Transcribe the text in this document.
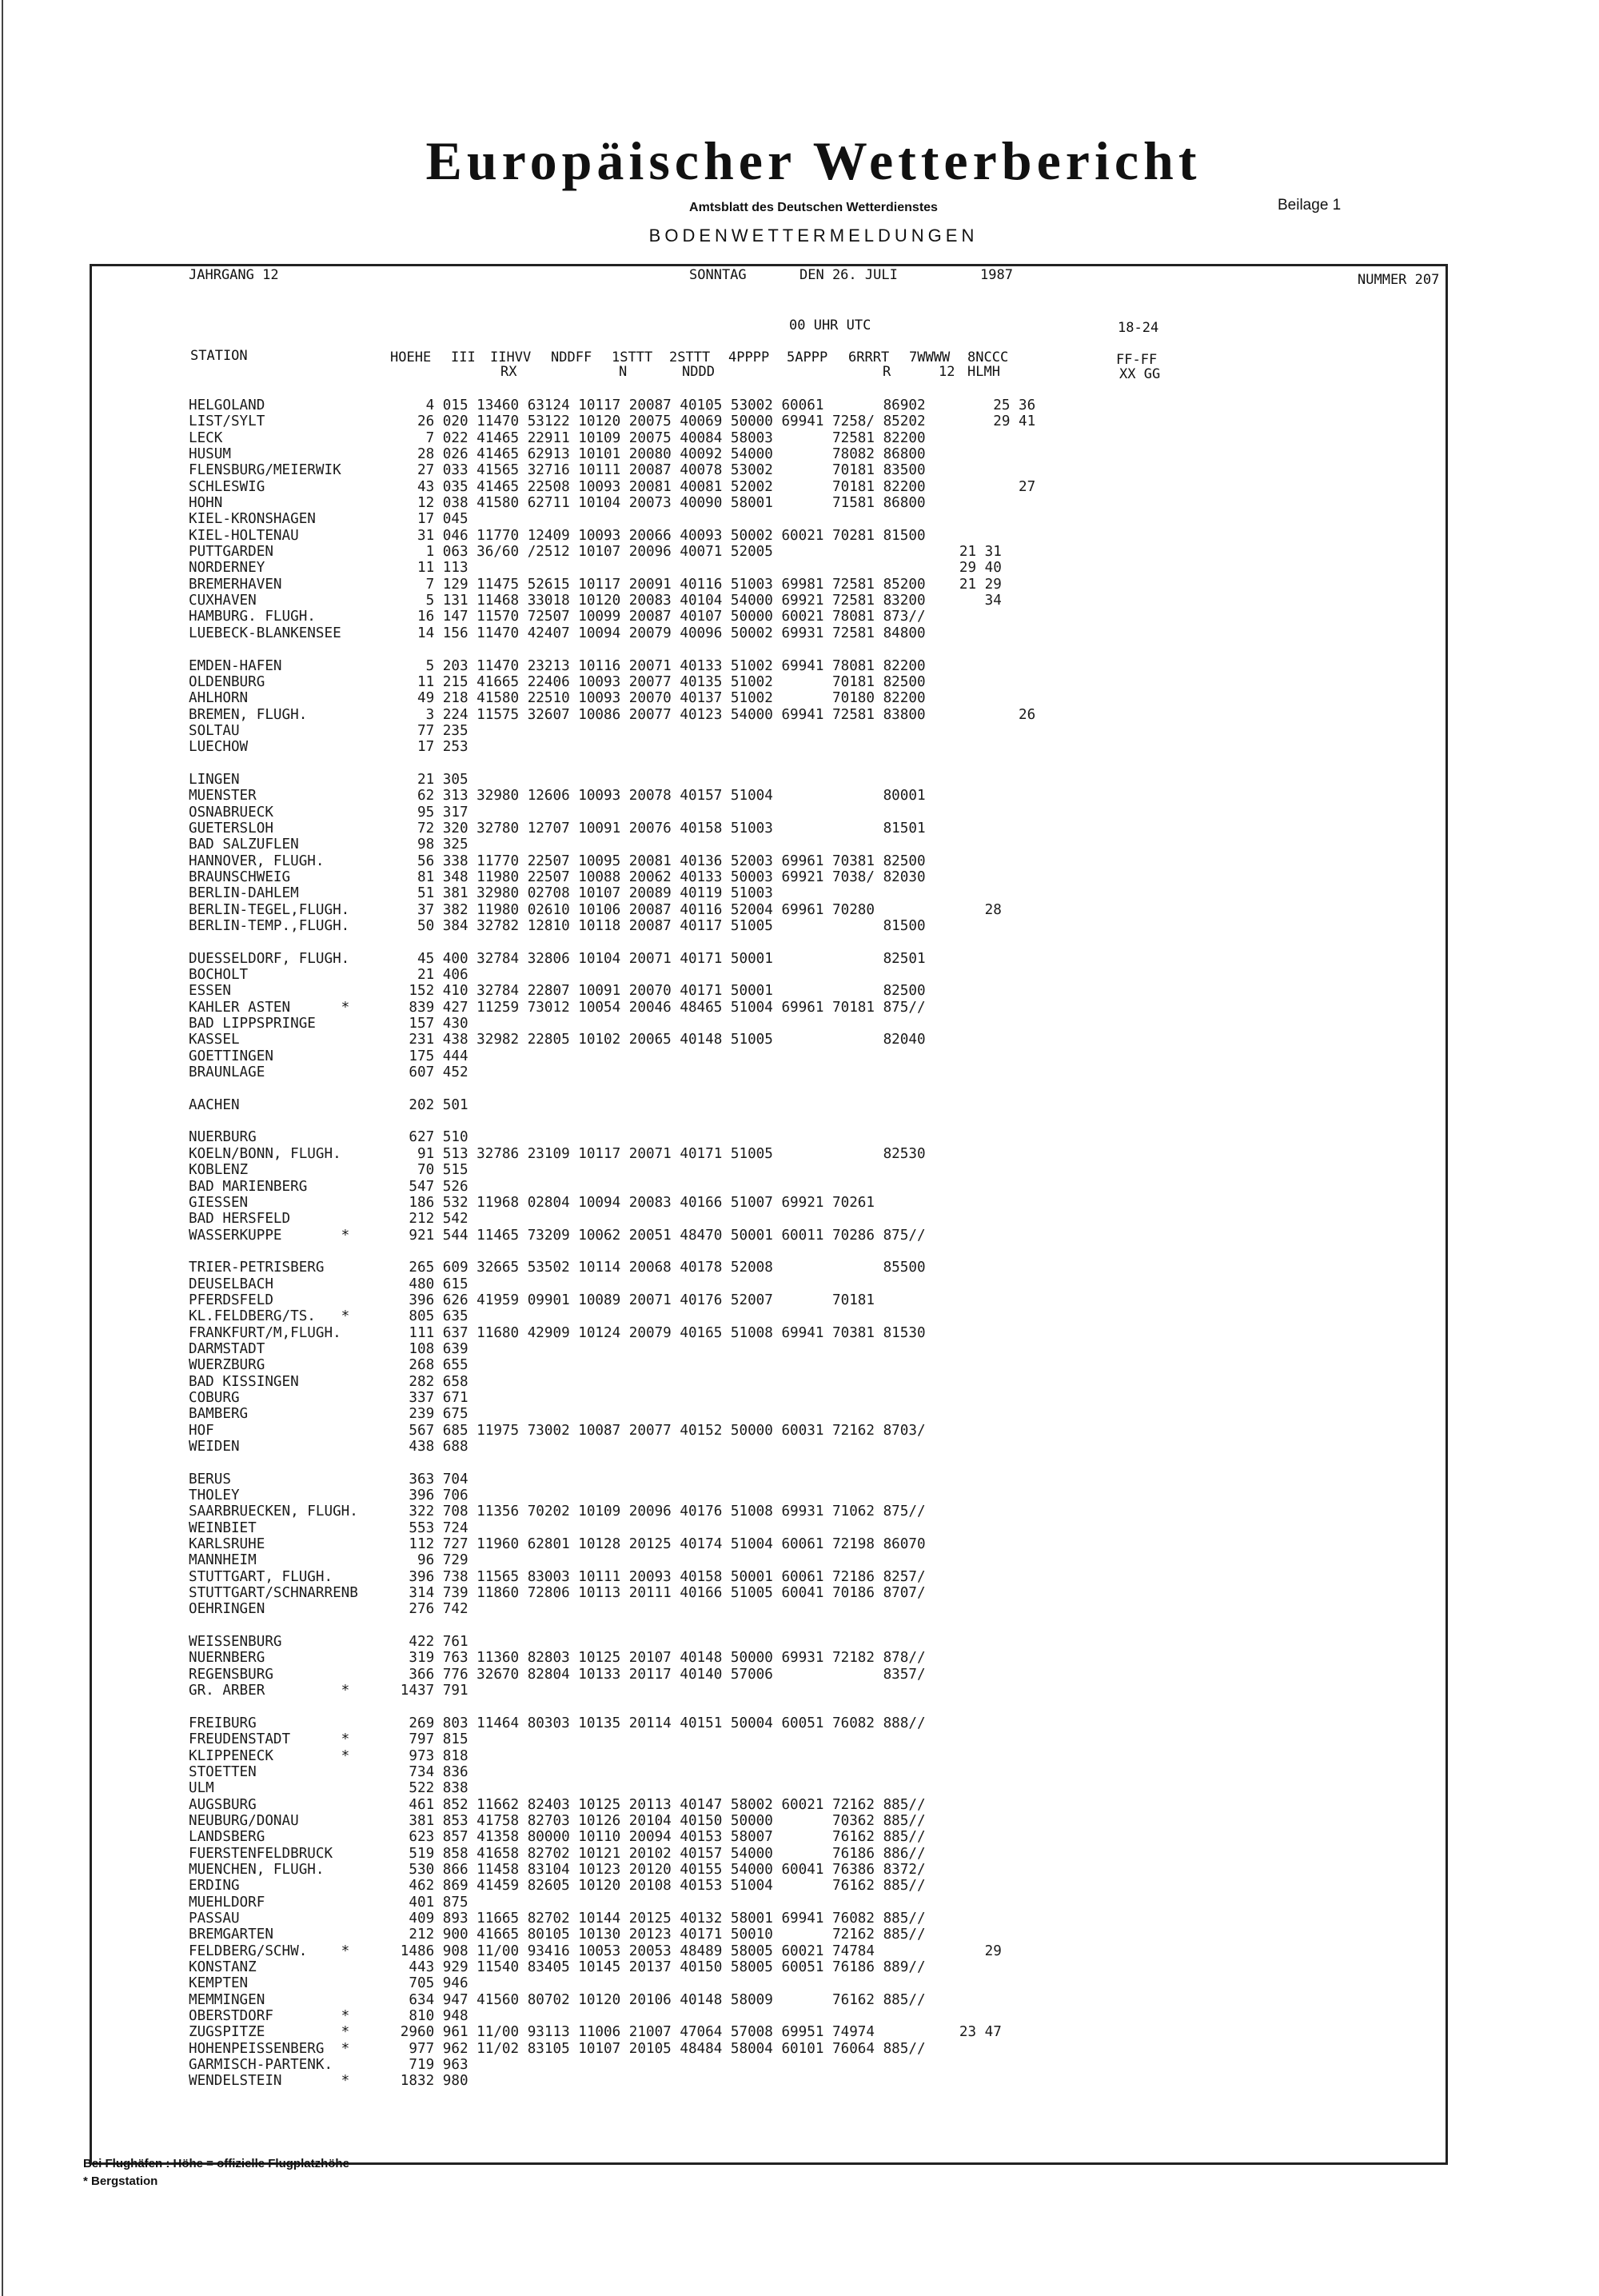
Europäischer Wetterbericht
Amtsblatt des Deutschen Wetterdienstes	Beilage 1
BODENWETTERMELDUNGEN
JAHRGANG 12	SONNTAG	DEN 26. JULI	1987	NUMMER 207
00 UHR UTC	18-24
STATION	HOEHE III IIHVV NDDFF 1STTT 2STTT 4PPPP 5APPP 6RRRT 7WWWW 8NCCC	FF-FF
RX	N	NDDD	R	12 HLMH	XX GG
HELGOLAND                   4 015 13460 63124 10117 20087 40105 53002 60061       86902        25 36
LIST/SYLT                  26 020 11470 53122 10120 20075 40069 50000 69941 7258/ 85202        29 41
LECK                        7 022 41465 22911 10109 20075 40084 58003       72581 82200
HUSUM                      28 026 41465 62913 10101 20080 40092 54000       78082 86800
FLENSBURG/MEIERWIK         27 033 41565 32716 10111 20087 40078 53002       70181 83500
SCHLESWIG                  43 035 41465 22508 10093 20081 40081 52002       70181 82200           27
HOHN                       12 038 41580 62711 10104 20073 40090 58001       71581 86800
KIEL-KRONSHAGEN            17 045
KIEL-HOLTENAU              31 046 11770 12409 10093 20066 40093 50002 60021 70281 81500
PUTTGARDEN                  1 063 36/60 /2512 10107 20096 40071 52005                      21 31
NORDERNEY                  11 113                                                          29 40
BREMERHAVEN                 7 129 11475 52615 10117 20091 40116 51003 69981 72581 85200    21 29
CUXHAVEN                    5 131 11468 33018 10120 20083 40104 54000 69921 72581 83200       34
HAMBURG. FLUGH.            16 147 11570 72507 10099 20087 40107 50000 60021 78081 873//
LUEBECK-BLANKENSEE         14 156 11470 42407 10094 20079 40096 50002 69931 72581 84800

EMDEN-HAFEN                 5 203 11470 23213 10116 20071 40133 51002 69941 78081 82200
OLDENBURG                  11 215 41665 22406 10093 20077 40135 51002       70181 82500
AHLHORN                    49 218 41580 22510 10093 20070 40137 51002       70180 82200
BREMEN, FLUGH.              3 224 11575 32607 10086 20077 40123 54000 69941 72581 83800           26
SOLTAU                     77 235
LUECHOW                    17 253

LINGEN                     21 305
MUENSTER                   62 313 32980 12606 10093 20078 40157 51004             80001
OSNABRUECK                 95 317
GUETERSLOH                 72 320 32780 12707 10091 20076 40158 51003             81501
BAD SALZUFLEN              98 325
HANNOVER, FLUGH.           56 338 11770 22507 10095 20081 40136 52003 69961 70381 82500
BRAUNSCHWEIG               81 348 11980 22507 10088 20062 40133 50003 69921 7038/ 82030
BERLIN-DAHLEM              51 381 32980 02708 10107 20089 40119 51003
BERLIN-TEGEL,FLUGH.        37 382 11980 02610 10106 20087 40116 52004 69961 70280             28
BERLIN-TEMP.,FLUGH.        50 384 32782 12810 10118 20087 40117 51005             81500

DUESSELDORF, FLUGH.        45 400 32784 32806 10104 20071 40171 50001             82501
BOCHOLT                    21 406
ESSEN                     152 410 32784 22807 10091 20070 40171 50001             82500
KAHLER ASTEN      *       839 427 11259 73012 10054 20046 48465 51004 69961 70181 875//
BAD LIPPSPRINGE           157 430
KASSEL                    231 438 32982 22805 10102 20065 40148 51005             82040
GOETTINGEN                175 444
BRAUNLAGE                 607 452

AACHEN                    202 501

NUERBURG                  627 510
KOELN/BONN, FLUGH.         91 513 32786 23109 10117 20071 40171 51005             82530
KOBLENZ                    70 515
BAD MARIENBERG            547 526
GIESSEN                   186 532 11968 02804 10094 20083 40166 51007 69921 70261
BAD HERSFELD              212 542
WASSERKUPPE       *       921 544 11465 73209 10062 20051 48470 50001 60011 70286 875//

TRIER-PETRISBERG          265 609 32665 53502 10114 20068 40178 52008             85500
DEUSELBACH                480 615
PFERDSFELD                396 626 41959 09901 10089 20071 40176 52007       70181
KL.FELDBERG/TS.   *       805 635
FRANKFURT/M,FLUGH.        111 637 11680 42909 10124 20079 40165 51008 69941 70381 81530
DARMSTADT                 108 639
WUERZBURG                 268 655
BAD KISSINGEN             282 658
COBURG                    337 671
BAMBERG                   239 675
HOF                       567 685 11975 73002 10087 20077 40152 50000 60031 72162 8703/
WEIDEN                    438 688

BERUS                     363 704
THOLEY                    396 706
SAARBRUECKEN, FLUGH.      322 708 11356 70202 10109 20096 40176 51008 69931 71062 875//
WEINBIET                  553 724
KARLSRUHE                 112 727 11960 62801 10128 20125 40174 51004 60061 72198 86070
MANNHEIM                   96 729
STUTTGART, FLUGH.         396 738 11565 83003 10111 20093 40158 50001 60061 72186 8257/
STUTTGART/SCHNARRENB      314 739 11860 72806 10113 20111 40166 51005 60041 70186 8707/
OEHRINGEN                 276 742

WEISSENBURG               422 761
NUERNBERG                 319 763 11360 82803 10125 20107 40148 50000 69931 72182 878//
REGENSBURG                366 776 32670 82804 10133 20117 40140 57006             8357/
GR. ARBER         *      1437 791

FREIBURG                  269 803 11464 80303 10135 20114 40151 50004 60051 76082 888//
FREUDENSTADT      *       797 815
KLIPPENECK        *       973 818
STOETTEN                  734 836
ULM                       522 838
AUGSBURG                  461 852 11662 82403 10125 20113 40147 58002 60021 72162 885//
NEUBURG/DONAU             381 853 41758 82703 10126 20104 40150 50000       70362 885//
LANDSBERG                 623 857 41358 80000 10110 20094 40153 58007       76162 885//
FUERSTENFELDBRUCK         519 858 41658 82702 10121 20102 40157 54000       76186 886//
MUENCHEN, FLUGH.          530 866 11458 83104 10123 20120 40155 54000 60041 76386 8372/
ERDING                    462 869 41459 82605 10120 20108 40153 51004       76162 885//
MUEHLDORF                 401 875
PASSAU                    409 893 11665 82702 10144 20125 40132 58001 69941 76082 885//
BREMGARTEN                212 900 41665 80105 10130 20123 40171 50010       72162 885//
FELDBERG/SCHW.    *      1486 908 11/00 93416 10053 20053 48489 58005 60021 74784             29
KONSTANZ                  443 929 11540 83405 10145 20137 40150 58005 60051 76186 889//
KEMPTEN                   705 946
MEMMINGEN                 634 947 41560 80702 10120 20106 40148 58009       76162 885//
OBERSTDORF        *       810 948
ZUGSPITZE         *      2960 961 11/00 93113 11006 21007 47064 57008 69951 74974          23 47
HOHENPEISSENBERG  *       977 962 11/02 83105 10107 20105 48484 58004 60101 76064 885//
GARMISCH-PARTENK.         719 963
WENDELSTEIN       *      1832 980

Bei Flughäfen : Höhe = offizielle Flugplatzhöhe
* Bergstation
